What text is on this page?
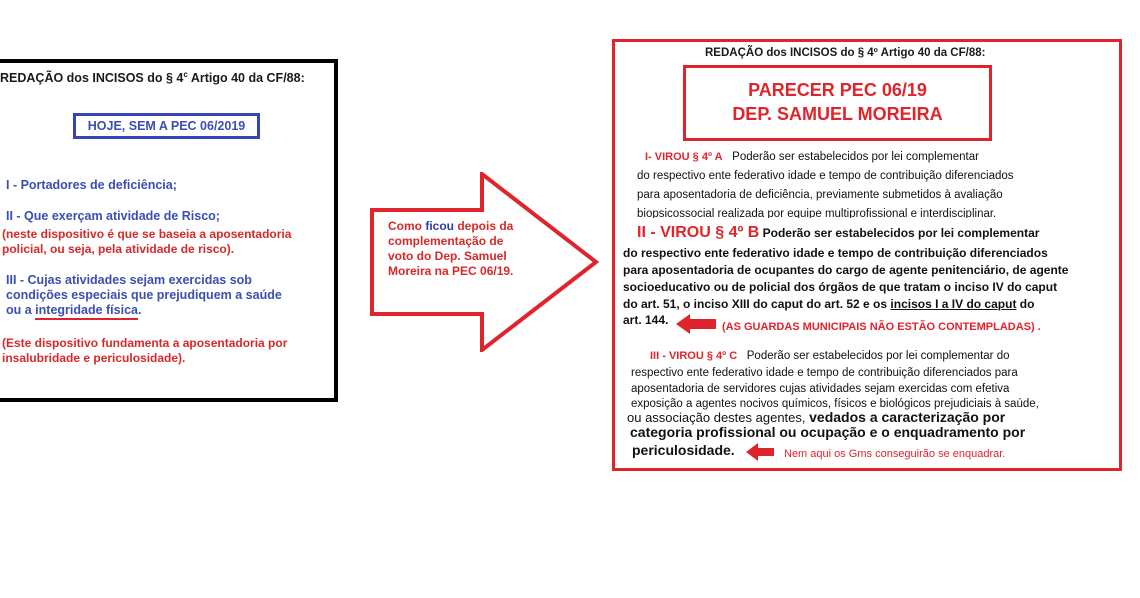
REDAÇÃO dos INCISOS do § 4$^c$ Artigo 40 da CF/88:
HOJE, SEM A PEC 06/2019
I - Portadores de deficiência;
II - Que exerçam atividade de Risco;
(neste dispositivo é que se baseia a aposentadoria
policial, ou seja, pela atividade de risco).
III - Cujas atividades sejam exercidas sob
condições especiais que prejudiquem a saúde
ou a integridade física.
(Este dispositivo fundamenta a aposentadoria por
insalubridade e periculosidade).
Como ficou depois da
complementação de
voto do Dep. Samuel
Moreira na PEC 06/19.
REDAÇÃO dos INCISOS do § 4º Artigo 40 da CF/88:
PARECER PEC 06/19
DEP. SAMUEL MOREIRA
I- VIROU § 4º A Poderão ser estabelecidos por lei complementar
do respectivo ente federativo idade e tempo de contribuição diferenciados
para aposentadoria de deficiência, previamente submetidos à avaliação
biopsicossocial realizada por equipe multiprofissional e interdisciplinar.
II - VIROU § 4º B Poderão ser estabelecidos por lei complementar
do respectivo ente federativo idade e tempo de contribuição diferenciados
para aposentadoria de ocupantes do cargo de agente penitenciário, de agente
socioeducativo ou de policial dos órgãos de que tratam o inciso IV do caput
do art. 51, o inciso XIII do caput do art. 52 e os incisos I a IV do caput do
art. 144.	(AS GUARDAS MUNICIPAIS NÃO ESTÃO CONTEMPLADAS) .
III - VIROU § 4º C Poderão ser estabelecidos por lei complementar do
respectivo ente federativo idade e tempo de contribuição diferenciados para
aposentadoria de servidores cujas atividades sejam exercidas com efetiva
exposição a agentes nocivos químicos, físicos e biológicos prejudiciais à saúde,
ou associação destes agentes, vedados a caracterização por
categoria profissional ou ocupação e o enquadramento por
periculosidade.	Nem aqui os Gms conseguirão se enquadrar.
